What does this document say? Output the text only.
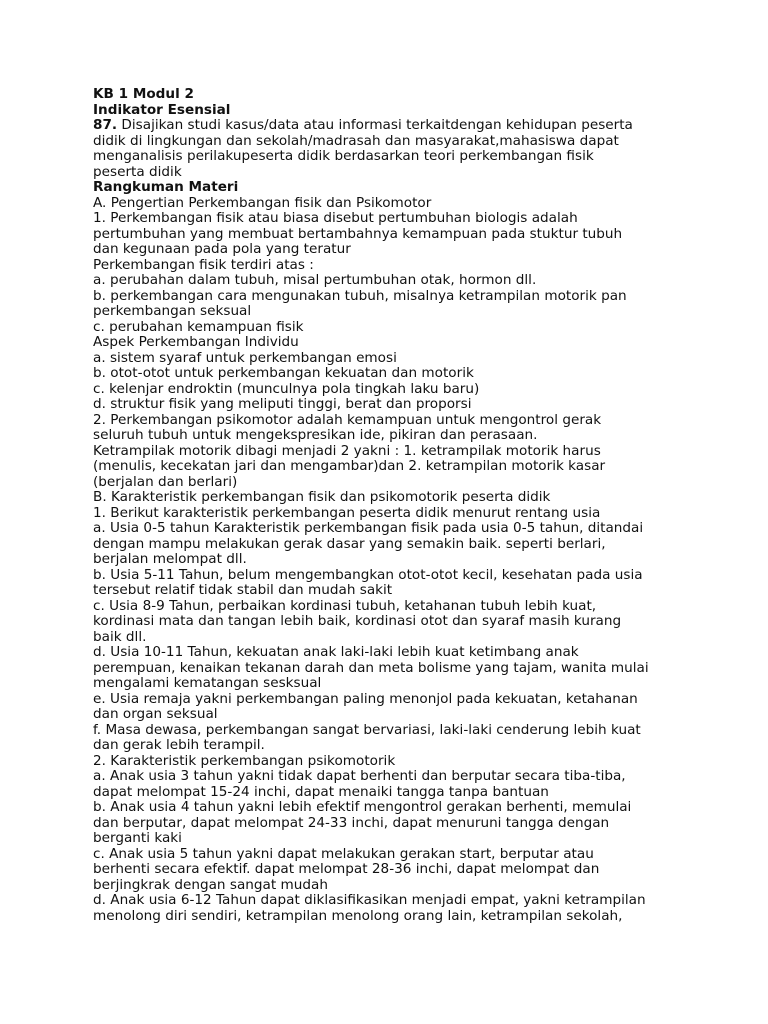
KB 1 Modul 2
Indikator Esensial
87. Disajikan studi kasus/data atau informasi terkaitdengan kehidupan peserta
didik di lingkungan dan sekolah/madrasah dan masyarakat,mahasiswa dapat
menganalisis perilakupeserta didik berdasarkan teori perkembangan fisik
peserta didik
Rangkuman Materi
A. Pengertian Perkembangan fisik dan Psikomotor
1. Perkembangan fisik atau biasa disebut pertumbuhan biologis adalah
pertumbuhan yang membuat bertambahnya kemampuan pada stuktur tubuh
dan kegunaan pada pola yang teratur
Perkembangan fisik terdiri atas :
a. perubahan dalam tubuh, misal pertumbuhan otak, hormon dll.
b. perkembangan cara mengunakan tubuh, misalnya ketrampilan motorik pan
perkembangan seksual
c. perubahan kemampuan fisik
Aspek Perkembangan Individu
a. sistem syaraf untuk perkembangan emosi
b. otot-otot untuk perkembangan kekuatan dan motorik
c. kelenjar endroktin (munculnya pola tingkah laku baru)
d. struktur fisik yang meliputi tinggi, berat dan proporsi
2. Perkembangan psikomotor adalah kemampuan untuk mengontrol gerak
seluruh tubuh untuk mengekspresikan ide, pikiran dan perasaan.
Ketrampilak motorik dibagi menjadi 2 yakni : 1. ketrampilak motorik harus
(menulis, kecekatan jari dan mengambar)dan 2. ketrampilan motorik kasar
(berjalan dan berlari)
B. Karakteristik perkembangan fisik dan psikomotorik peserta didik
1. Berikut karakteristik perkembangan peserta didik menurut rentang usia
a. Usia 0-5 tahun Karakteristik perkembangan fisik pada usia 0-5 tahun, ditandai
dengan mampu melakukan gerak dasar yang semakin baik. seperti berlari,
berjalan melompat dll.
b. Usia 5-11 Tahun, belum mengembangkan otot-otot kecil, kesehatan pada usia
tersebut relatif tidak stabil dan mudah sakit
c. Usia 8-9 Tahun, perbaikan kordinasi tubuh, ketahanan tubuh lebih kuat,
kordinasi mata dan tangan lebih baik, kordinasi otot dan syaraf masih kurang
baik dll.
d. Usia 10-11 Tahun, kekuatan anak laki-laki lebih kuat ketimbang anak
perempuan, kenaikan tekanan darah dan meta bolisme yang tajam, wanita mulai
mengalami kematangan sesksual
e. Usia remaja yakni perkembangan paling menonjol pada kekuatan, ketahanan
dan organ seksual
f. Masa dewasa, perkembangan sangat bervariasi, laki-laki cenderung lebih kuat
dan gerak lebih terampil.
2. Karakteristik perkembangan psikomotorik
a. Anak usia 3 tahun yakni tidak dapat berhenti dan berputar secara tiba-tiba,
dapat melompat 15-24 inchi, dapat menaiki tangga tanpa bantuan
b. Anak usia 4 tahun yakni lebih efektif mengontrol gerakan berhenti, memulai
dan berputar, dapat melompat 24-33 inchi, dapat menuruni tangga dengan
berganti kaki
c. Anak usia 5 tahun yakni dapat melakukan gerakan start, berputar atau
berhenti secara efektif. dapat melompat 28-36 inchi, dapat melompat dan
berjingkrak dengan sangat mudah
d. Anak usia 6-12 Tahun dapat diklasifikasikan menjadi empat, yakni ketrampilan
menolong diri sendiri, ketrampilan menolong orang lain, ketrampilan sekolah,
